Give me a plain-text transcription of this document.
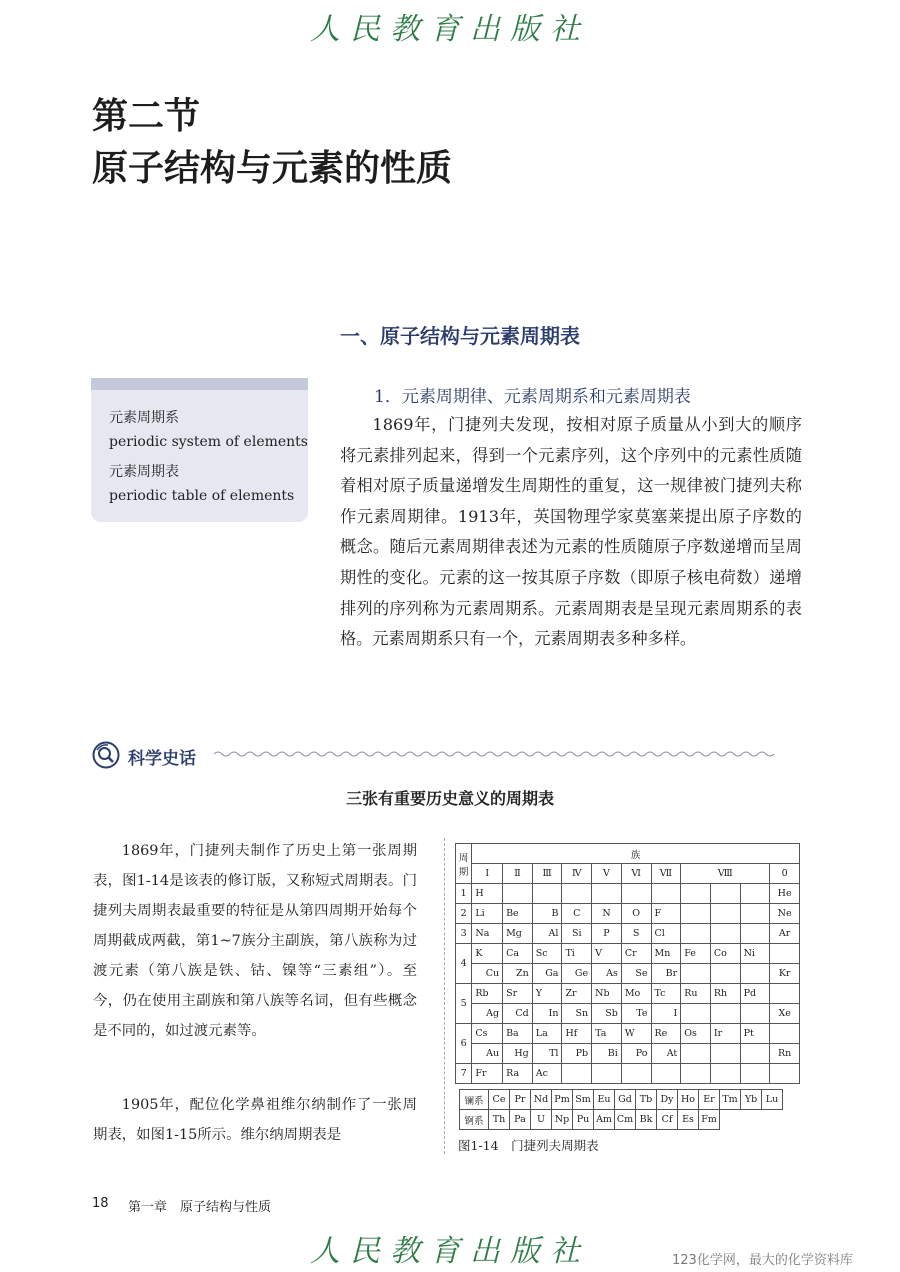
人民教育出版社
第二节
原子结构与元素的性质
一、原子结构与元素周期表
元素周期系
periodic system of elements
元素周期表
periodic table of elements
1．元素周期律、元素周期系和元素周期表
1869年，门捷列夫发现，按相对原子质量从小到大的顺序将元素排列起来，得到一个元素序列，这个序列中的元素性质随着相对原子质量递增发生周期性的重复，这一规律被门捷列夫称作元素周期律。1913年，英国物理学家莫塞莱提出原子序数的概念。随后元素周期律表述为元素的性质随原子序数递增而呈周期性的变化。元素的这一按其原子序数（即原子核电荷数）递增排列的序列称为元素周期系。元素周期表是呈现元素周期系的表格。元素周期系只有一个，元素周期表多种多样。
科学史话
三张有重要历史意义的周期表
1869年，门捷列夫制作了历史上第一张周期表，图1-14是该表的修订版，又称短式周期表。门捷列夫周期表最重要的特征是从第四周期开始每个周期截成两截，第1~7族分主副族，第八族称为过渡元素（第八族是铁、钴、镍等“三素组”）。至今，仍在使用主副族和第八族等名词，但有些概念是不同的，如过渡元素等。
1905年，配位化学鼻祖维尔纳制作了一张周期表，如图1-15所示。维尔纳周期表是
周期	族										
	Ⅰ	Ⅱ	Ⅲ	Ⅳ	Ⅴ	Ⅵ	Ⅶ	Ⅷ			0
1	H										He
2	Li	Be	B	C	N	O	F				Ne
3	Na	Mg	Al	Si	P	S	Cl				Ar
4	K	Ca	Sc	Ti	V	Cr	Mn	Fe	Co	Ni	
	Cu	Zn	Ga	Ge	As	Se	Br				Kr
5	Rb	Sr	Y	Zr	Nb	Mo	Tc	Ru	Rh	Pd	
	Ag	Cd	In	Sn	Sb	Te	I				Xe
6	Cs	Ba	La	Hf	Ta	W	Re	Os	Ir	Pt	
	Au	Hg	Tl	Pb	Bi	Po	At				Rn
7	Fr	Ra	Ac								
镧系	Ce	Pr	Nd	Pm	Sm	Eu	Gd	Tb	Dy	Ho	Er	Tm	Yb	Lu
锕系	Th	Pa	U	Np	Pu	Am	Cm	Bk	Cf	Es	Fm			
图1-14　门捷列夫周期表
18 第一章　原子结构与性质
人民教育出版社	123化学网，最大的化学资料库
